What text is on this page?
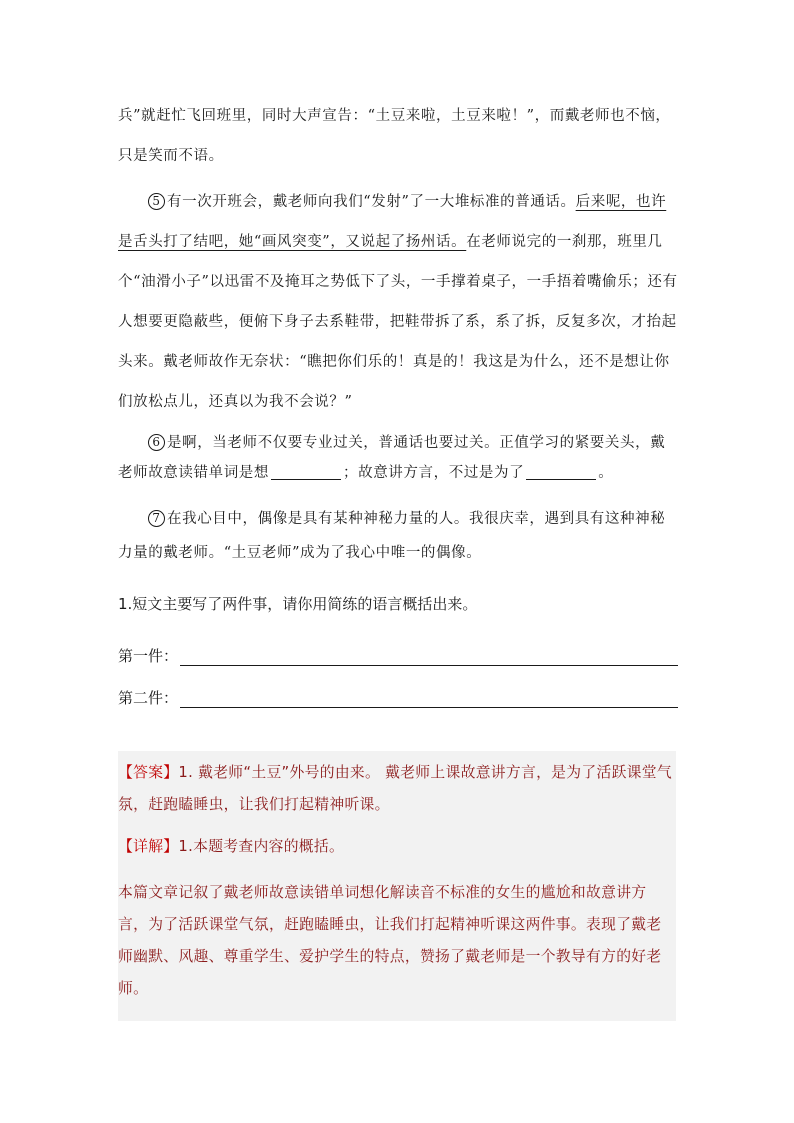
兵”就赶忙飞回班里，同时大声宣告：“土豆来啦，土豆来啦！”，而戴老师也不恼，只是笑而不语。

5 有一次开班会，戴老师向我们“发射”了一大堆标准的普通话。后来呢，也许是舌头打了结吧，她“画风突变”，又说起了扬州话。在老师说完的一刹那，班里几个“油滑小子”以迅雷不及掩耳之势低下了头，一手撑着桌子，一手捂着嘴偷乐；还有人想要更隐蔽些，便俯下身子去系鞋带，把鞋带拆了系，系了拆，反复多次，才抬起头来。戴老师故作无奈状：“瞧把你们乐的！真是的！我这是为什么，还不是想让你们放松点儿，还真以为我不会说？”

6 是啊，当老师不仅要专业过关，普通话也要过关。正值学习的紧要关头，戴老师故意读错单词是想	；故意讲方言，不过是为了	。

7 在我心目中，偶像是具有某种神秘力量的人。我很庆幸，遇到具有这种神秘力量的戴老师。“土豆老师”成为了我心中唯一的偶像。

1.短文主要写了两件事，请你用简练的语言概括出来。

第一件：
第二件：

【答案】1. 戴老师“土豆”外号的由来。 戴老师上课故意讲方言，是为了活跃课堂气氛，赶跑瞌睡虫，让我们打起精神听课。

【详解】1.本题考查内容的概括。

本篇文章记叙了戴老师故意读错单词想化解读音不标准的女生的尴尬和故意讲方言，为了活跃课堂气氛，赶跑瞌睡虫，让我们打起精神听课这两件事。表现了戴老师幽默、风趣、尊重学生、爱护学生的特点，赞扬了戴老师是一个教导有方的好老师。
